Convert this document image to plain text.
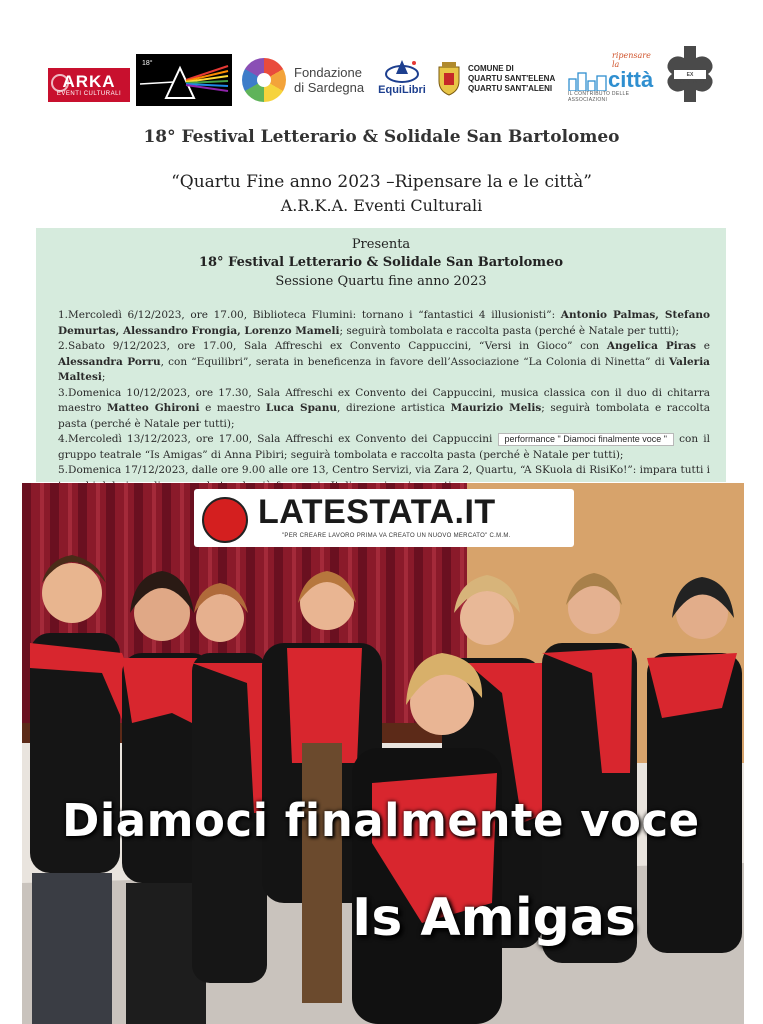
ARKA
EVENTI CULTURALI
18°
Fondazione
di Sardegna EquiLibri
COMUNE DI
QUARTU SANT'ELENA
QUARTU SANT'ALENI
ripensare la
città
IL CONTRIBUTO DELLE ASSOCIAZIONI
EX CONVENTO
18° Festival Letterario & Solidale San Bartolomeo
“Quartu Fine anno 2023 –Ripensare la e le città”
A.R.K.A. Eventi Culturali
Presenta
18° Festival Letterario & Solidale San Bartolomeo
Sessione Quartu fine anno 2023
1.Mercoledì 6/12/2023, ore 17.00, Biblioteca Flumini: tornano i “fantastici 4 illusionisti”: Antonio Palmas, Stefano Demurtas, Alessandro Frongia, Lorenzo Mameli; seguirà tombolata e raccolta pasta (perché è Natale per tutti);
2.Sabato 9/12/2023, ore 17.00, Sala Affreschi ex Convento Cappuccini, “Versi in Gioco” con Angelica Piras e Alessandra Porru, con “Equilibri”, serata in beneficenza in favore dell’Associazione “La Colonia di Ninetta” di Valeria Maltesi;
3.Domenica 10/12/2023, ore 17.30, Sala Affreschi ex Convento dei Cappuccini, musica classica con il duo di chitarra maestro Matteo Ghironi e maestro Luca Spanu, direzione artistica Maurizio Melis; seguirà tombolata e raccolta pasta (perché è Natale per tutti);
4.Mercoledì 13/12/2023, ore 17.00, Sala Affreschi ex Convento dei Cappuccini performance " Diamoci finalmente voce " con il gruppo teatrale “Is Amigas” di Anna Pibiri; seguirà tombolata e raccolta pasta (perché è Natale per tutti);
5.Domenica 17/12/2023, dalle ore 9.00 alle ore 13, Centro Servizi, via Zara 2, Quartu, “A SKuola di RisiKo!”: impara tutti i
LATESTATA.IT
"PER CREARE LAVORO PRIMA VA CREATO UN NUOVO MERCATO" C.M.M.
Diamoci finalmente voce
Is Amigas
